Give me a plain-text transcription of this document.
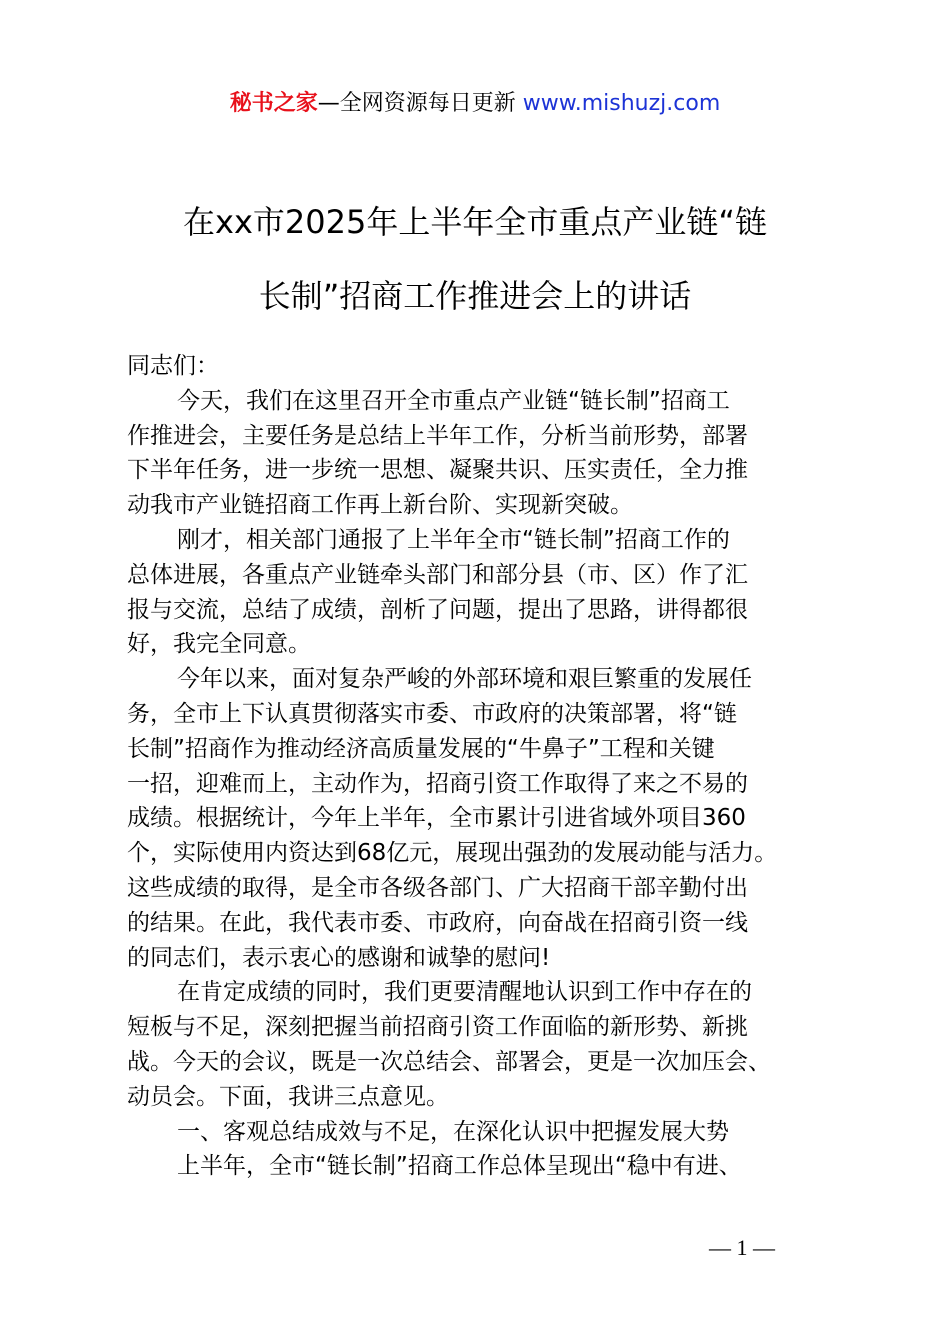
秘书之家—全网资源每日更新 www.mishuzj.com
在xx市2025年上半年全市重点产业链“链
长制”招商工作推进会上的讲话
同志们：
今天，我们在这里召开全市重点产业链“链长制”招商工
作推进会，主要任务是总结上半年工作，分析当前形势，部署
下半年任务，进一步统一思想、凝聚共识、压实责任，全力推
动我市产业链招商工作再上新台阶、实现新突破。
刚才，相关部门通报了上半年全市“链长制”招商工作的
总体进展，各重点产业链牵头部门和部分县（市、区）作了汇
报与交流，总结了成绩，剖析了问题，提出了思路，讲得都很
好，我完全同意。
今年以来，面对复杂严峻的外部环境和艰巨繁重的发展任
务，全市上下认真贯彻落实市委、市政府的决策部署，将“链
长制”招商作为推动经济高质量发展的“牛鼻子”工程和关键
一招，迎难而上，主动作为，招商引资工作取得了来之不易的
成绩。根据统计，今年上半年，全市累计引进省域外项目360
个，实际使用内资达到68亿元，展现出强劲的发展动能与活力。
这些成绩的取得，是全市各级各部门、广大招商干部辛勤付出
的结果。在此，我代表市委、市政府，向奋战在招商引资一线
的同志们，表示衷心的感谢和诚挚的慰问!
在肯定成绩的同时，我们更要清醒地认识到工作中存在的
短板与不足，深刻把握当前招商引资工作面临的新形势、新挑
战。今天的会议，既是一次总结会、部署会，更是一次加压会、
动员会。下面，我讲三点意见。
一、客观总结成效与不足，在深化认识中把握发展大势
上半年，全市“链长制”招商工作总体呈现出“稳中有进、
— 1 —
